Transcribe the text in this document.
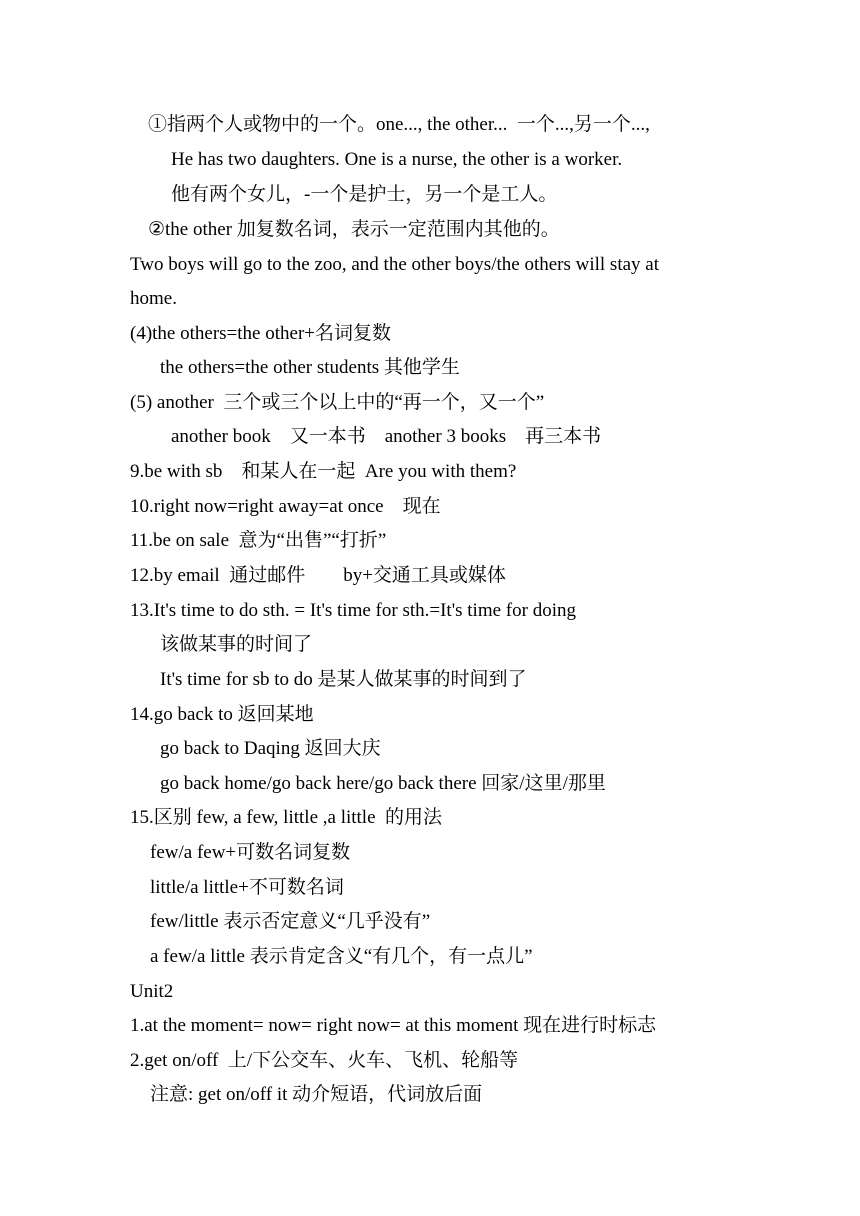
①指两个人或物中的一个。one..., the other...  一个...,另一个...,
He has two daughters. One is a nurse, the other is a worker.
他有两个女儿，-一个是护士，另一个是工人。
②the other 加复数名词，表示一定范围内其他的。
Two boys will go to the zoo, and the other boys/the others will stay at
home.
(4)the others=the other+名词复数
the others=the other students 其他学生
(5) another  三个或三个以上中的“再一个，又一个”
another book    又一本书    another 3 books    再三本书
9.be with sb    和某人在一起  Are you with them?
10.right now=right away=at once    现在
11.be on sale  意为“出售”“打折”
12.by email  通过邮件        by+交通工具或媒体
13.It's time to do sth. = It's time for sth.=It's time for doing
该做某事的时间了
It's time for sb to do 是某人做某事的时间到了
14.go back to 返回某地
go back to Daqing 返回大庆
go back home/go back here/go back there 回家/这里/那里
15.区别 few, a few, little ,a little  的用法
few/a few+可数名词复数
little/a little+不可数名词
few/little 表示否定意义“几乎没有”
a few/a little 表示肯定含义“有几个，有一点儿”
Unit2
1.at the moment= now= right now= at this moment 现在进行时标志
2.get on/off  上/下公交车、火车、飞机、轮船等
注意: get on/off it 动介短语，代词放后面
